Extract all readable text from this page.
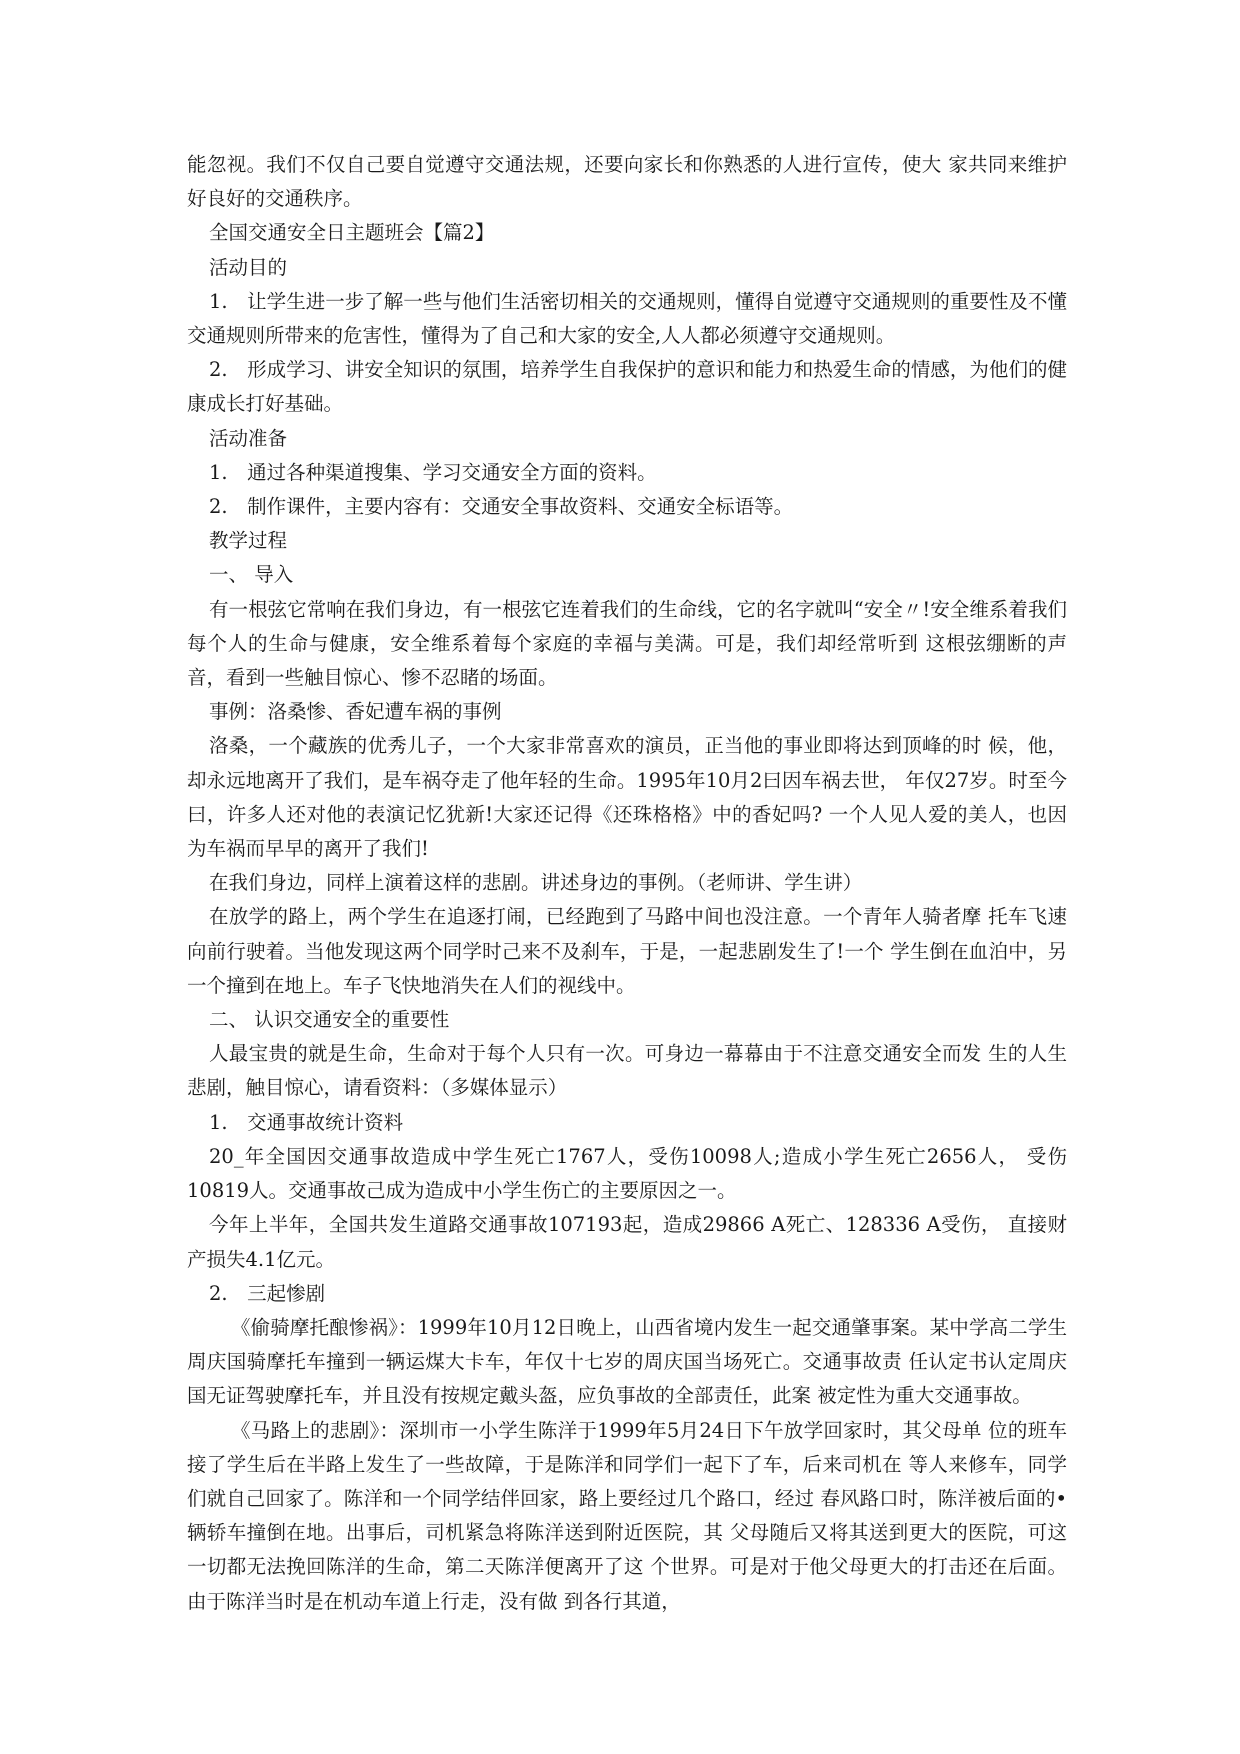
能忽视。我们不仅自己要自觉遵守交通法规，还要向家长和你熟悉的人进行宣传，使大 家共同来维护好良好的交通秩序。

全国交通安全日主题班会【篇2】

活动目的

1.　让学生进一步了解一些与他们生活密切相关的交通规则，懂得自觉遵守交通规则的重要性及不懂交通规则所带来的危害性，懂得为了自己和大家的安全,人人都必须遵守交通规则。

2.　形成学习、讲安全知识的氛围，培养学生自我保护的意识和能力和热爱生命的情感，为他们的健康成长打好基础。

活动准备

1.　通过各种渠道搜集、学习交通安全方面的资料。

2.　制作课件，主要内容有：交通安全事故资料、交通安全标语等。

教学过程

一、 导入

有一根弦它常响在我们身边，有一根弦它连着我们的生命线，它的名字就叫“安全〃!安全维系着我们每个人的生命与健康，安全维系着每个家庭的幸福与美满。可是，我们却经常听到 这根弦绷断的声音，看到一些触目惊心、惨不忍睹的场面。

事例：洛桑惨、香妃遭车祸的事例

洛桑，一个藏族的优秀儿子，一个大家非常喜欢的演员，正当他的事业即将达到顶峰的时 候，他，却永远地离开了我们，是车祸夺走了他年轻的生命。1995年10月2曰因车祸去世， 年仅27岁。时至今曰，许多人还对他的表演记忆犹新!大家还记得《还珠格格》中的香妃吗? 一个人见人爱的美人，也因为车祸而早早的离开了我们!

在我们身边，同样上演着这样的悲剧。讲述身边的事例。（老师讲、学生讲）

在放学的路上，两个学生在追逐打闹，已经跑到了马路中间也没注意。一个青年人骑者摩 托车飞速向前行驶着。当他发现这两个同学时己来不及刹车，于是，一起悲剧发生了!一个 学生倒在血泊中，另一个撞到在地上。车子飞快地消失在人们的视线中。

二、 认识交通安全的重要性

人最宝贵的就是生命，生命对于每个人只有一次。可身边一幕幕由于不注意交通安全而发 生的人生悲剧，触目惊心，请看资料：（多媒体显示）

1.　交通事故统计资料

20_年全国因交通事故造成中学生死亡1767人，受伤10098人;造成小学生死亡2656人， 受伤10819人。交通事故己成为造成中小学生伤亡的主要原因之一。

今年上半年，全国共发生道路交通事故107193起，造成29866 A死亡、128336 A受伤， 直接财产损失4.1亿元。

2.　三起惨剧

《偷骑摩托酿惨祸》：1999年10月12日晚上，山西省境内发生一起交通肇事案。某中学高二学生周庆国骑摩托车撞到一辆运煤大卡车，年仅十七岁的周庆国当场死亡。交通事故责 任认定书认定周庆国无证驾驶摩托车，并且没有按规定戴头盔，应负事故的全部责任，此案 被定性为重大交通事故。

《马路上的悲剧》：深圳市一小学生陈洋于1999年5月24日下午放学回家时，其父母单 位的班车接了学生后在半路上发生了一些故障，于是陈洋和同学们一起下了车，后来司机在 等人来修车，同学们就自己回家了。陈洋和一个同学结伴回家，路上要经过几个路口，经过 春风路口时，陈洋被后面的•辆轿车撞倒在地。出事后，司机紧急将陈洋送到附近医院，其 父母随后又将其送到更大的医院，可这一切都无法挽回陈洋的生命，第二天陈洋便离开了这 个世界。可是对于他父母更大的打击还在后面。由于陈洋当时是在机动车道上行走，没有做 到各行其道，
